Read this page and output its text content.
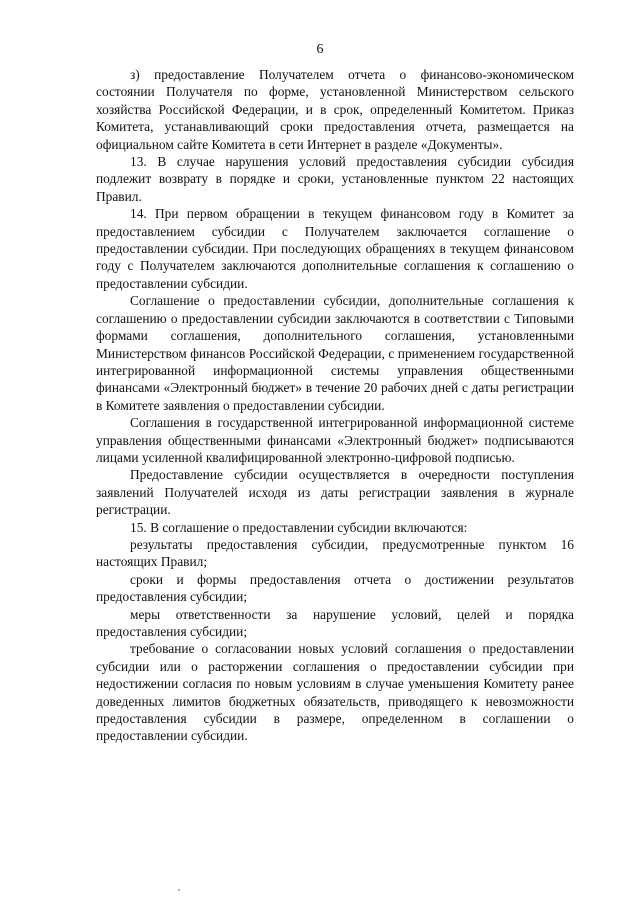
6

з) предоставление Получателем отчета о финансово-экономическом состоянии Получателя по форме, установленной Министерством сельского хозяйства Российской Федерации, и в срок, определенный Комитетом. Приказ Комитета, устанавливающий сроки предоставления отчета, размещается на официальном сайте Комитета в сети Интернет в разделе «Документы».

13. В случае нарушения условий предоставления субсидии субсидия подлежит возврату в порядке и сроки, установленные пунктом 22 настоящих Правил.

14. При первом обращении в текущем финансовом году в Комитет за предоставлением субсидии с Получателем заключается соглашение о предоставлении субсидии. При последующих обращениях в текущем финансовом году с Получателем заключаются дополнительные соглашения к соглашению о предоставлении субсидии.

Соглашение о предоставлении субсидии, дополнительные соглашения к соглашению о предоставлении субсидии заключаются в соответствии с Типовыми формами соглашения, дополнительного соглашения, установленными Министерством финансов Российской Федерации, с применением государственной интегрированной информационной системы управления общественными финансами «Электронный бюджет» в течение 20 рабочих дней с даты регистрации в Комитете заявления о предоставлении субсидии.

Соглашения в государственной интегрированной информационной системе управления общественными финансами «Электронный бюджет» подписываются лицами усиленной квалифицированной электронно-цифровой подписью.

Предоставление субсидии осуществляется в очередности поступления заявлений Получателей исходя из даты регистрации заявления в журнале регистрации.

15. В соглашение о предоставлении субсидии включаются:

результаты предоставления субсидии, предусмотренные пунктом 16 настоящих Правил;

сроки и формы предоставления отчета о достижении результатов предоставления субсидии;

меры ответственности за нарушение условий, целей и порядка предоставления субсидии;

требование о согласовании новых условий соглашения о предоставлении субсидии или о расторжении соглашения о предоставлении субсидии при недостижении согласия по новым условиям в случае уменьшения Комитету ранее доведенных лимитов бюджетных обязательств, приводящего к невозможности предоставления субсидии в размере, определенном в соглашении о предоставлении субсидии.
